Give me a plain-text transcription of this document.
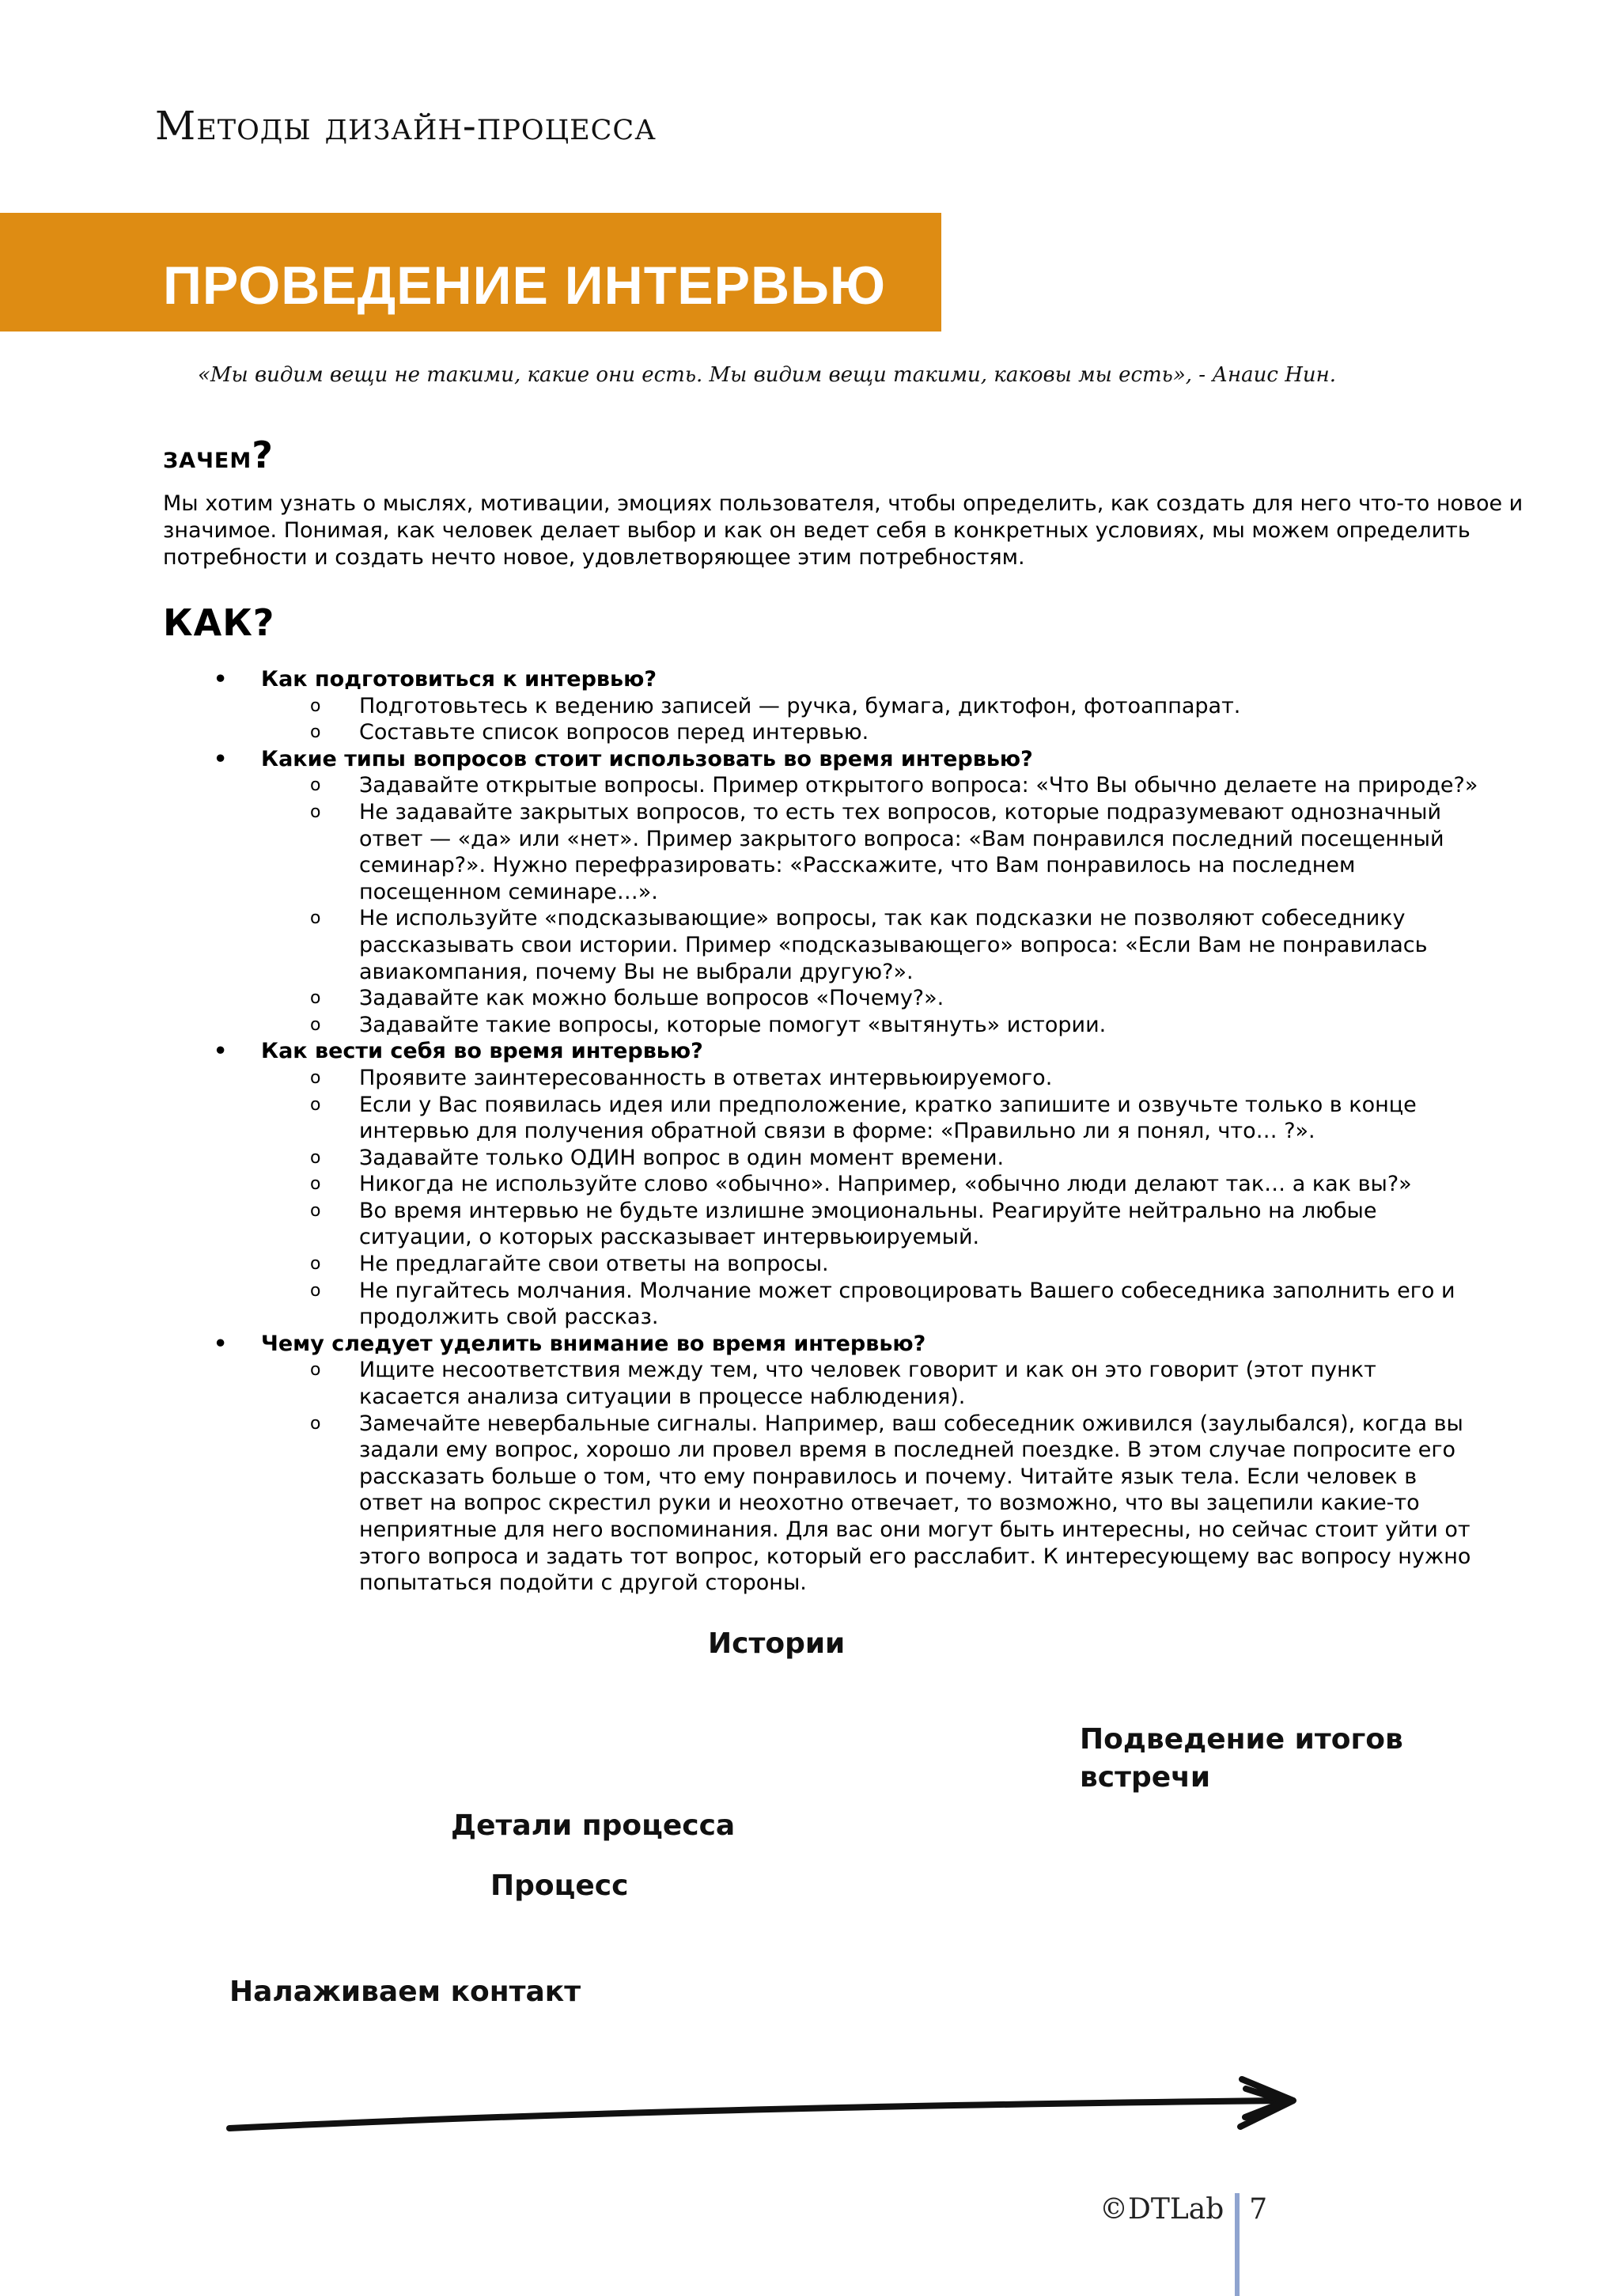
Методы дизайн-процесса
ПРОВЕДЕНИЕ ИНТЕРВЬЮ
«Мы видим вещи не такими, какие они есть. Мы видим вещи такими, каковы мы есть», - Анаис Нин.
зачем?
Мы хотим узнать о мыслях, мотивации, эмоциях пользователя, чтобы определить, как создать для него что-то новое и значимое. Понимая, как человек делает выбор и как он ведет себя в конкретных условиях, мы можем определить потребности и создать нечто новое, удовлетворяющее этим потребностям.
КАК?
• Как подготовиться к интервью?
o Подготовьтесь к ведению записей — ручка, бумага, диктофон, фотоаппарат.
o Составьте список вопросов перед интервью.
• Какие типы вопросов стоит использовать во время интервью?
o Задавайте открытые вопросы. Пример открытого вопроса: «Что Вы обычно делаете на природе?»
o Не задавайте закрытых вопросов, то есть тех вопросов, которые подразумевают однозначный ответ — «да» или «нет». Пример закрытого вопроса: «Вам понравился последний посещенный семинар?». Нужно перефразировать: «Расскажите, что Вам понравилось на последнем посещенном семинаре…».
o Не используйте «подсказывающие» вопросы, так как подсказки не позволяют собеседнику рассказывать свои истории. Пример «подсказывающего» вопроса: «Если Вам не понравилась авиакомпания, почему Вы не выбрали другую?».
o Задавайте как можно больше вопросов «Почему?».
o Задавайте такие вопросы, которые помогут «вытянуть» истории.
• Как вести себя во время интервью?
o Проявите заинтересованность в ответах интервьюируемого.
o Если у Вас появилась идея или предположение, кратко запишите и озвучьте только в конце интервью для получения обратной связи в форме: «Правильно ли я понял, что… ?».
o Задавайте только ОДИН вопрос в один момент времени.
o Никогда не используйте слово «обычно». Например, «обычно люди делают так… а как вы?»
o Во время интервью не будьте излишне эмоциональны. Реагируйте нейтрально на любые ситуации, о которых рассказывает интервьюируемый.
o Не предлагайте свои ответы на вопросы.
o Не пугайтесь молчания. Молчание может спровоцировать Вашего собеседника заполнить его и продолжить свой рассказ.
• Чему следует уделить внимание во время интервью?
o Ищите несоответствия между тем, что человек говорит и как он это говорит (этот пункт касается анализа ситуации в процессе наблюдения).
o Замечайте невербальные сигналы. Например, ваш собеседник оживился (заулыбался), когда вы задали ему вопрос, хорошо ли провел время в последней поездке. В этом случае попросите его рассказать больше о том, что ему понравилось и почему. Читайте язык тела. Если человек в ответ на вопрос скрестил руки и неохотно отвечает, то возможно, что вы зацепили какие-то неприятные для него воспоминания. Для вас они могут быть интересны, но сейчас стоит уйти от этого вопроса и задать тот вопрос, который его расслабит. К интересующему вас вопросу нужно попытаться подойти с другой стороны.
Истории
Подведение итогов
встречи
Детали процесса
Процесс
Налаживаем контакт
©DTLab 7
